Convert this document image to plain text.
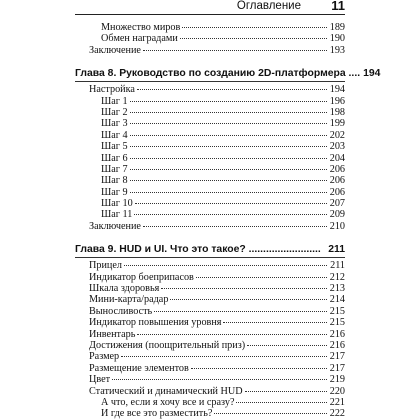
Оглавление 11
Множество миров	189
Обмен наградами	190
Заключение	193
Глава 8. Руководство по созданию 2D-платформера .... 194
Настройка	194
Шаг 1	196
Шаг 2	198
Шаг 3	199
Шаг 4	202
Шаг 5	203
Шаг 6	204
Шаг 7	206
Шаг 8	206
Шаг 9	206
Шаг 10	207
Шаг 11	209
Заключение	210
Глава 9. HUD и UI. Что это такое? ......................... 211
Прицел	211
Индикатор боеприпасов	212
Шкала здоровья	213
Мини-карта/радар	214
Выносливость	215
Индикатор повышения уровня	215
Инвентарь	216
Достижения (поощрительный приз)	216
Размер	217
Размещение элементов	217
Цвет	219
Статический и динамический HUD	220
А что, если я хочу все и сразу?	221
И где все это разместить?	222
